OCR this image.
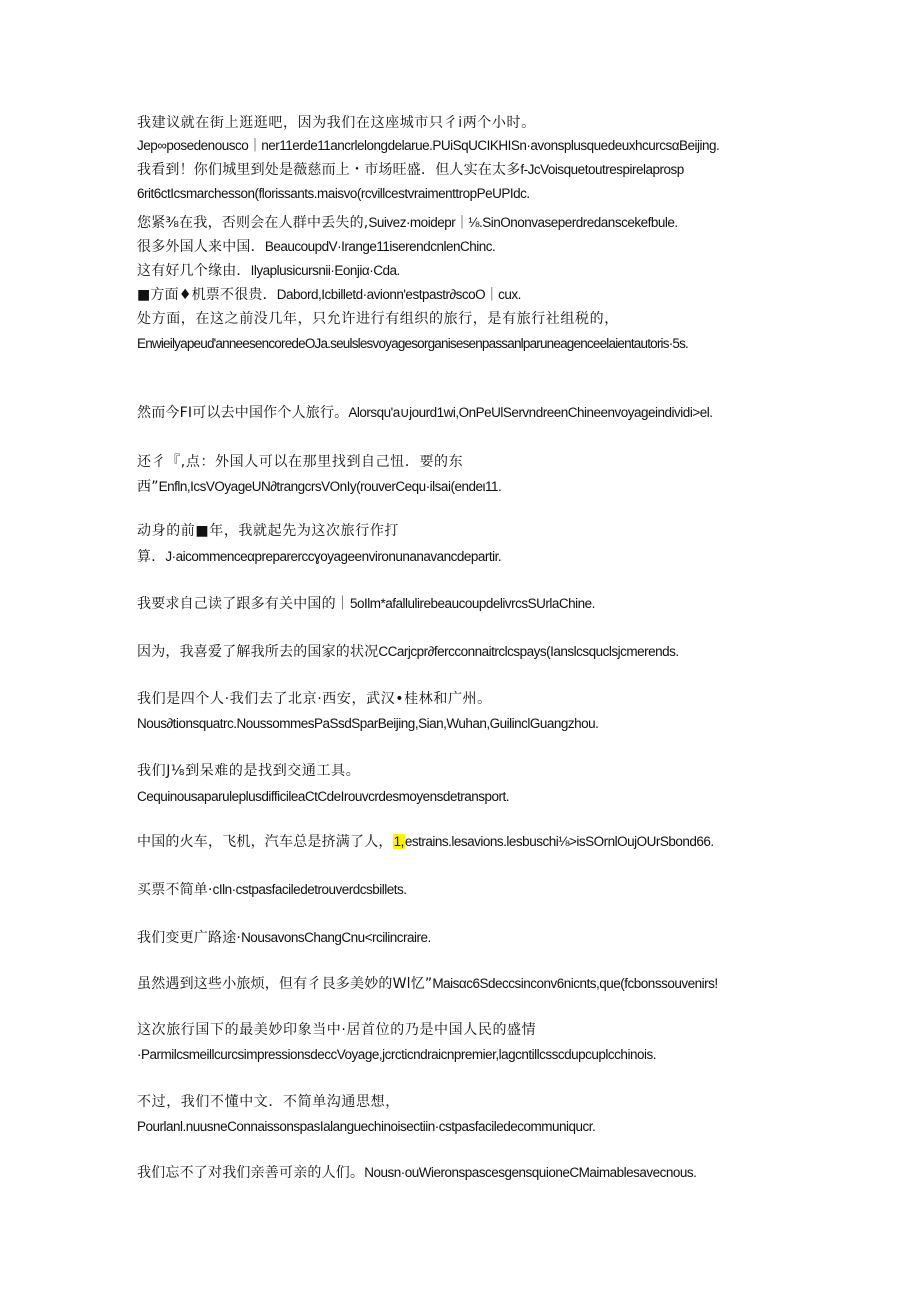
我建议就在街上逛逛吧，因为我们在这座城市只彳i两个小时。
Jep∞posedenousco｜ner11erde11ancrlelongdelarue.PUiSqUCIKHISn·avonsplusquedeuxhcurcsαBeijing.
我看到！你们城里到处是薇慈而上・市场旺盛．但人实在太多f-JcVoisquetoutrespirelaprosp
6rit6ctIcsmarchesson(florissants.maisvo(rcvillcestvraimenttropPeUPIdc.
您紧⅜在我，否则会在人群中丢失的,Suivez·moidepr｜⅛.SinOnonvaseperdredanscekefbule.
很多外国人来中国．BeaucoupdV·Irange11iserendcnlenChinc.
这有好几个缘由．Ilyaplusicursnii·Eonjiα·Cda.
■方面♦机票不很贵．Dabord,Icbilletd·avionn'estpastr∂scoO｜cux.
处方面，在这之前没几年，只允许进行有组织的旅行，是有旅行社组税的，
Enwieilyapeud'anneesencoredeOJa.seulslesvoyagesorganisesenpassanlparuneagenceelaientautoris·5s.
然而今FI可以去中国作个人旅行。Alorsqu'a∪jourd1wi,OnPeUlServndreenChineenvoyageindividi>el.
还彳『,点：外国人可以在那里找到自己忸．要的东
西”Enfln,IcsVOyageUN∂trangcrsVOnIy(rouverCequ·ilsai(endeι11.
动身的前■年，我就起先为这次旅行作打
算．J·aicommenceαpreparerccɣoyageenvironunanavancdepartir.
我要求自己读了跟多有关中国的｜5oIlm*afallulirebeaucoupdelivrcsSUrlaChine.
因为，我喜爱了解我所去的国家的状况CCarjcpr∂fercconnaitrclcspays(Ianslcsquclsjcmerends.
我们是四个人·我们去了北京·西安，武汉•桂林和广州。
Nous∂tionsquatrc.NoussommesPaSsdSparBeijing,Sian,Wuhan,GuilinclGuangzhou.
我们J⅛到呆难的是找到交通工具。
CequinousaparuleplusdifficileaCtCdeIrouvcrdesmoyensdetransport.
中国的火车，飞机，汽车总是挤满了人，1,estrains.lesavions.lesbuschi⅛>isSOrnlOujOUrSbond66.
买票不简单·cIln·cstpasfaciledetrouverdcsbillets.
我们变更广路途·NousavonsChangCnu<rcilincraire.
虽然遇到这些小旅烦，但有彳艮多美妙的Wl忆”Maisαc6Sdeccsinconv6nicnts,que(fcbonssouvenirs!
这次旅行国下的最美妙印象当中·居首位的乃是中国人民的盛情
·ParmilcsmeillcurcsimpressionsdeccVoyage,jcrcticndraicnpremier,lagcntillcsscdupcuplcchinois.
不过，我们不懂中文．不简单沟通思想，
Pourlanl.nuusneConnaissonspasIalanguechinoisectiin·cstpasfaciledecommuniqucr.
我们忘不了对我们亲善可亲的人们。Nousn·ouWieronspascesgensquioneCMaimablesavecnous.
